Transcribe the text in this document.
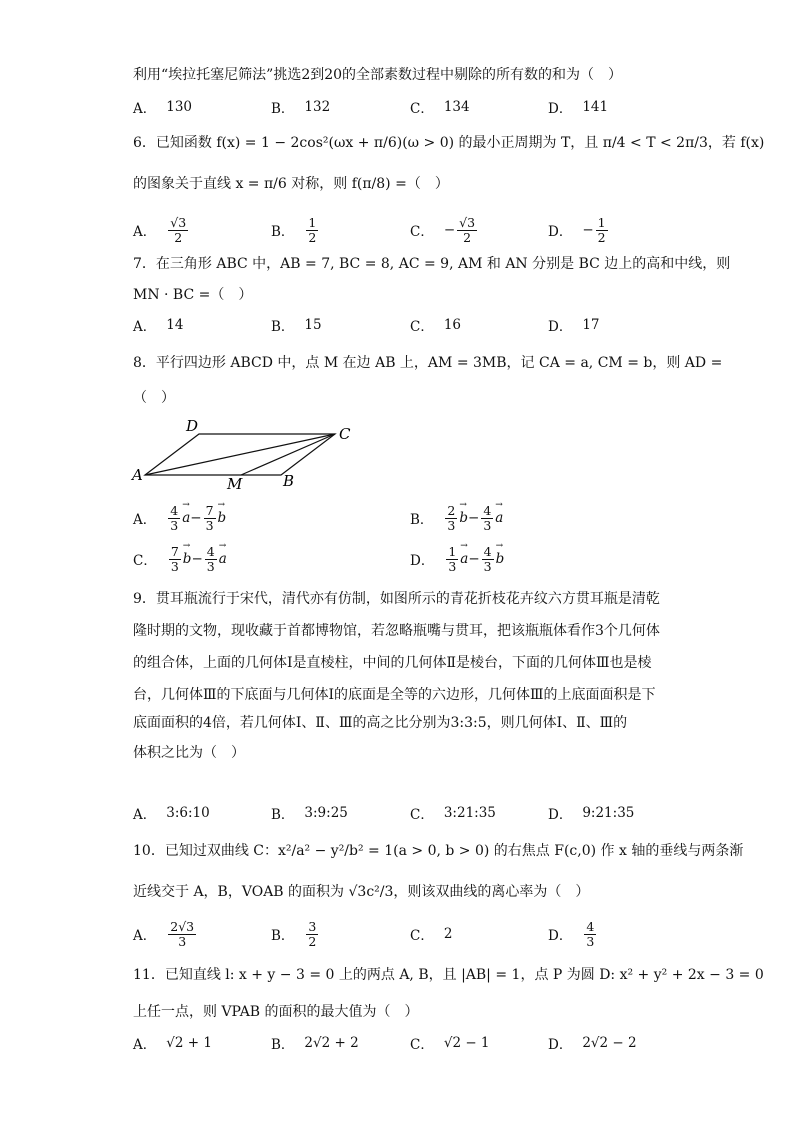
利用“埃拉托塞尼筛法”挑选2到20的全部素数过程中剔除的所有数的和为（　）
A． 130	B． 132	C． 134	D． 141
6．已知函数 f(x) = 1 − 2cos²(ωx + π/6)(ω > 0) 的最小正周期为 T，且 π/4 < T < 2π/3，若 f(x)
的图象关于直线 x = π/6 对称，则 f(π/8) =（　）
A． $\frac{√3}{2}$	B． $\frac{1}{2}$	C． − $\frac{√3}{2}$	D． − $\frac{1}{2}$
7．在三角形 ABC 中，AB = 7, BC = 8, AC = 9, AM 和 AN 分别是 BC 边上的高和中线，则
MN · BC =（　）
A． 14	B． 15	C． 16	D． 17
8．平行四边形 ABCD 中，点 M 在边 AB 上，AM = 3MB，记 CA = a, CM = b，则 AD =
（　）
A
D	C
B
M
A． $\frac{4}{3}$
→ $a - \frac{7}{3}$
→ b	B． $\frac{2}{3}$
→ $b - \frac{4}{3}$
→ a
C． $\frac{7}{3}$
→ $b - \frac{4}{3}$
→ a	D． $\frac{1}{3}$
→ $a - \frac{4}{3}$
→ b
9．贯耳瓶流行于宋代，清代亦有仿制，如图所示的青花折枝花卉纹六方贯耳瓶是清乾
隆时期的文物，现收藏于首都博物馆，若忽略瓶嘴与贯耳，把该瓶瓶体看作3个几何体
的组合体，上面的几何体Ⅰ是直棱柱，中间的几何体Ⅱ是棱台，下面的几何体Ⅲ也是棱
台，几何体Ⅲ的下底面与几何体Ⅰ的底面是全等的六边形，几何体Ⅲ的上底面面积是下
底面面积的4倍，若几何体Ⅰ、Ⅱ、Ⅲ的高之比分别为3:3:5，则几何体Ⅰ、Ⅱ、Ⅲ的
体积之比为（　）
A． 3:6:10	B． 3:9:25	C． 3:21:35	D． 9:21:35
10．已知过双曲线 C：x²/a² − y²/b² = 1(a > 0, b > 0) 的右焦点 F(c,0) 作 x 轴的垂线与两条渐
近线交于 A，B，VOAB 的面积为 √3c²/3，则该双曲线的离心率为（　）
A． $\frac{2√3}{3}$	B． $\frac{3}{2}$	C． 2	D． $\frac{4}{3}$
11．已知直线 l: x + y − 3 = 0 上的两点 A, B，且 |AB| = 1，点 P 为圆 D: x² + y² + 2x − 3 = 0
上任一点，则 VPAB 的面积的最大值为（　）
A． √2 + 1	B． 2√2 + 2	C． √2 − 1	D． 2√2 − 2
